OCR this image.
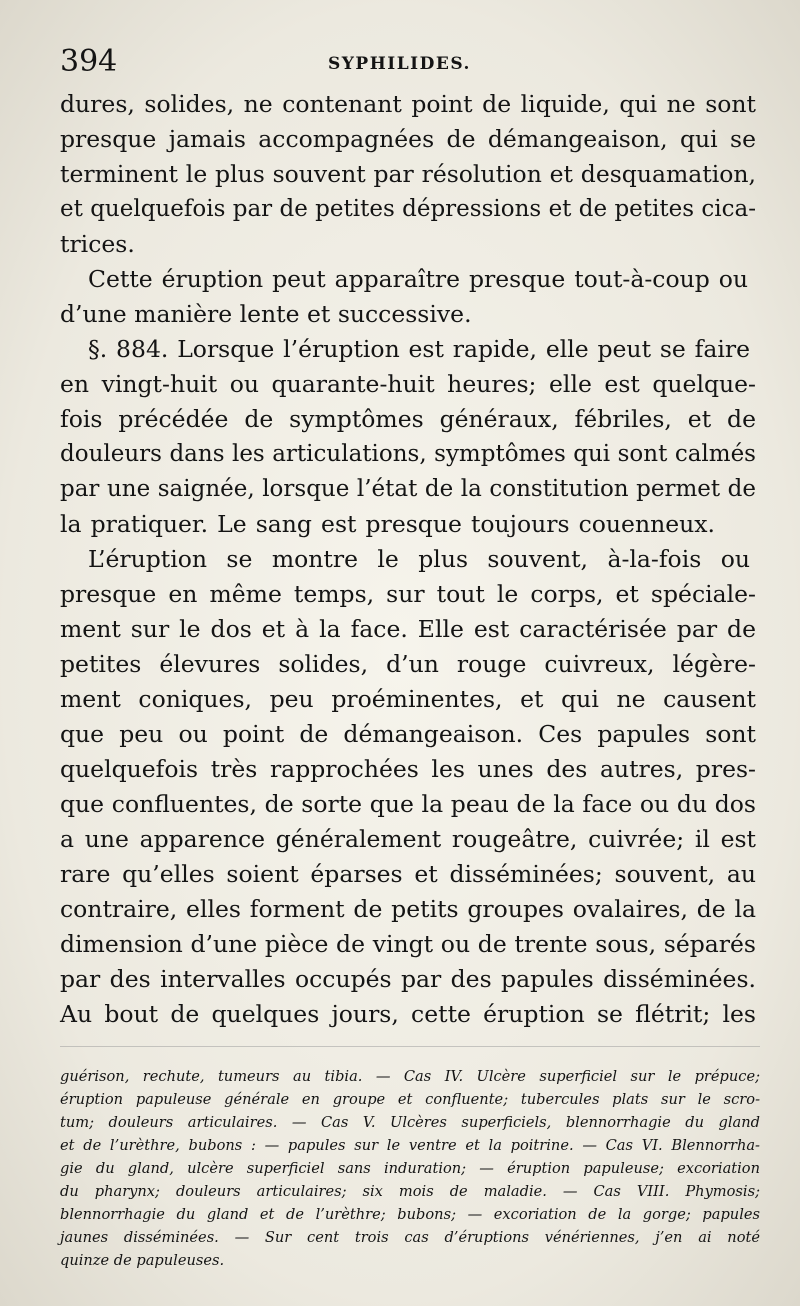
394	SYPHILIDES.
dures, solides, ne contenant point de liquide, qui ne sont
presque jamais accompagnées de démangeaison, qui se
terminent le plus souvent par résolution et desquamation,
et quelquefois par de petites dépressions et de petites cica-
trices.
Cette éruption peut apparaître presque tout-à-coup ou
d’une manière lente et successive.
§. 884. Lorsque l’éruption est rapide, elle peut se faire
en vingt-huit ou quarante-huit heures; elle est quelque-
fois précédée de symptômes généraux, fébriles, et de
douleurs dans les articulations, symptômes qui sont calmés
par une saignée, lorsque l’état de la constitution permet de
la pratiquer. Le sang est presque toujours couenneux.
L’éruption se montre le plus souvent, à-la-fois ou
presque en même temps, sur tout le corps, et spéciale-
ment sur le dos et à la face. Elle est caractérisée par de
petites élevures solides, d’un rouge cuivreux, légère-
ment coniques, peu proéminentes, et qui ne causent
que peu ou point de démangeaison. Ces papules sont
quelquefois très rapprochées les unes des autres, pres-
que confluentes, de sorte que la peau de la face ou du dos
a une apparence généralement rougeâtre, cuivrée; il est
rare qu’elles soient éparses et disséminées; souvent, au
contraire, elles forment de petits groupes ovalaires, de la
dimension d’une pièce de vingt ou de trente sous, séparés
par des intervalles occupés par des papules disséminées.
Au bout de quelques jours, cette éruption se flétrit; les
guérison, rechute, tumeurs au tibia. — Cas IV. Ulcère superficiel sur le prépuce;
éruption papuleuse générale en groupe et confluente; tubercules plats sur le scro-
tum; douleurs articulaires. — Cas V. Ulcères superficiels, blennorrhagie du gland
et de l’urèthre, bubons : — papules sur le ventre et la poitrine. — Cas VI. Blennorrha-
gie du gland, ulcère superficiel sans induration; — éruption papuleuse; excoriation
du pharynx; douleurs articulaires; six mois de maladie. — Cas VIII. Phymosis;
blennorrhagie du gland et de l’urèthre; bubons; — excoriation de la gorge; papules
jaunes disséminées. — Sur cent trois cas d’éruptions vénériennes, j’en ai noté
quinze de papuleuses.
